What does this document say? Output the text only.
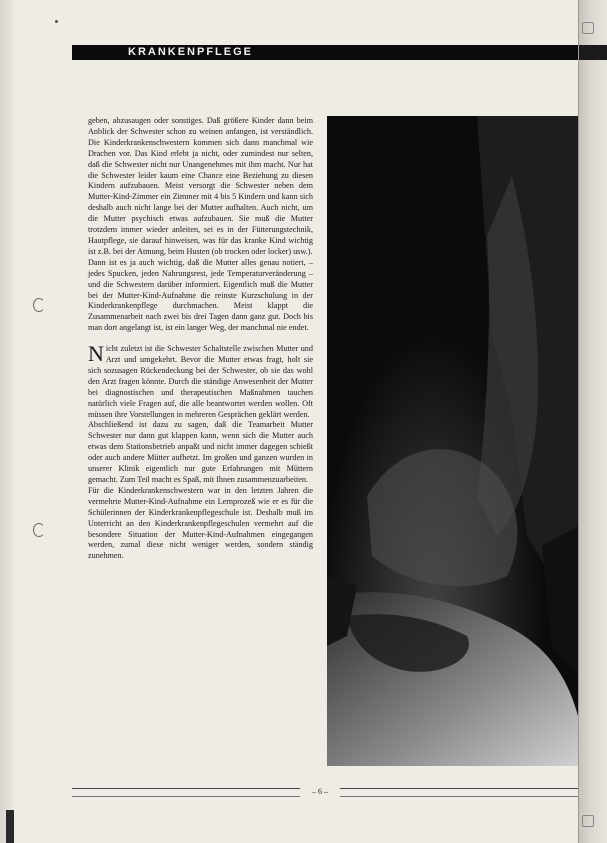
KRANKENPFLEGE

geben, abzusaugen oder sonstiges. Daß größere Kinder dann beim Anblick der Schwester schon zu weinen anfangen, ist verständlich. Die Kinderkrankenschwestern kommen sich dann manchmal wie Drachen vor. Das Kind erlebt ja nicht, oder zumindest nur selten, daß die Schwester nicht nur Unangenehmes mit ihm macht. Nur hat die Schwester leider kaum eine Chance eine Beziehung zu diesen Kindern aufzubauen. Meist versorgt die Schwester neben dem Mutter-Kind-Zimmer ein Zimmer mit 4 bis 5 Kindern und kann sich deshalb auch nicht lange bei der Mutter aufhalten. Auch nicht, um die Mutter psychisch etwas aufzubauen. Sie muß die Mutter trotzdem immer wieder anleiten, sei es in der Fütterungstechnik, Hautpflege, sie darauf hinweisen, was für das kranke Kind wichtig ist z.B. bei der Atmung, beim Husten (ob trocken oder locker) usw.).

Dann ist es ja auch wichtig, daß die Mutter alles genau notiert, – jedes Spucken, jeden Nahrungsrest, jede Temperaturveränderung – und die Schwestern darüber informiert. Eigentlich muß die Mutter bei der Mutter-Kind-Aufnahme die reinste Kurzschulung in der Kinderkrankenpflege durchmachen. Meist klappt die Zusammenarbeit nach zwei bis drei Tagen dann ganz gut. Doch bis man dort angelangt ist, ist ein langer Weg, der manchmal nie endet.

Nicht zuletzt ist die Schwester Schaltstelle zwischen Mutter und Arzt und umgekehrt. Bevor die Mutter etwas fragt, holt sie sich sozusagen Rückendeckung bei der Schwester, ob sie das wohl den Arzt fragen könnte. Durch die ständige Anwesenheit der Mutter bei diagnostischen und therapeutischen Maßnahmen tauchen natürlich viele Fragen auf, die alle beantwortet werden wollen. Oft müssen ihre Vorstellungen in mehreren Gesprächen geklärt werden.

Abschließend ist dazu zu sagen, daß die Teamarbeit Mutter Schwester nur dann gut klappen kann, wenn sich die Mutter auch etwas dem Stationsbetrieb anpaßt und nicht immer dagegen schießt oder auch andere Mütter aufhetzt. Im großen und ganzen wurden in unserer Klinik eigentlich nur gute Erfahrungen mit Müttern gemacht. Zum Teil macht es Spaß, mit Ihnen zusammenzuarbeiten.

Für die Kinderkrankenschwestern war in den letzten Jahren die vermehrte Mutter-Kind-Aufnahme ein Lernprozeß wie er es für die Schülerinnen der Kinderkrankenpflegeschule ist. Deshalb muß im Unterricht an den Kinderkrankenpflegeschulen vermehrt auf die besondere Situation der Mutter-Kind-Aufnahmen eingegangen werden, zumal diese nicht weniger werden, sondern ständig zunehmen.

– 6 –
